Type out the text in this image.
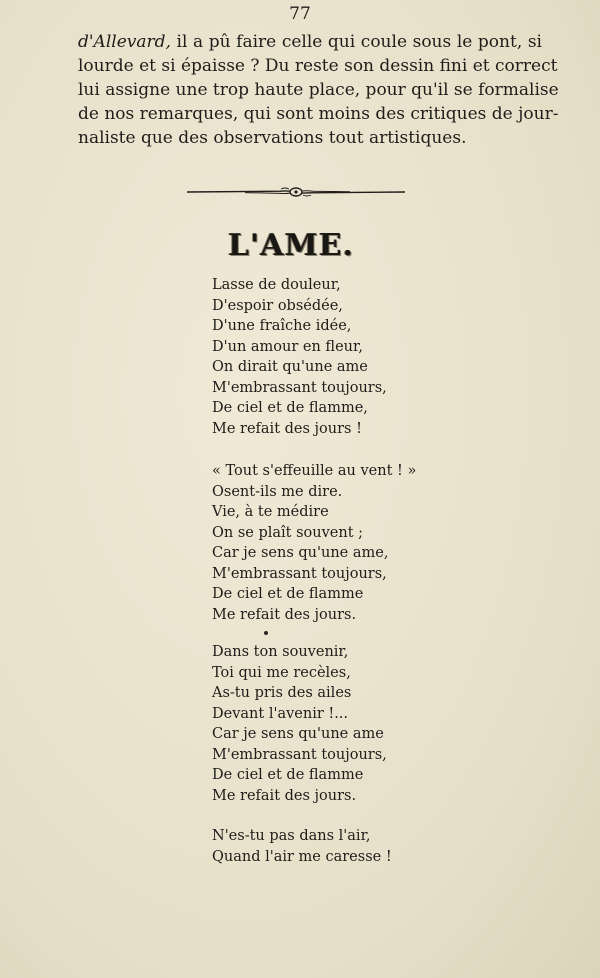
77
d'Allevard, il a pû faire celle qui coule sous le pont, si
lourde et si épaisse ? Du reste son dessin fini et correct
lui assigne une trop haute place, pour qu'il se formalise
de nos remarques, qui sont moins des critiques de jour-
naliste que des observations tout artistiques.
L'AME.
Lasse de douleur,
D'espoir obsédée,
D'une fraîche idée,
D'un amour en fleur,
On dirait qu'une ame
M'embrassant toujours,
De ciel et de flamme,
Me refait des jours !
« Tout s'effeuille au vent ! »
Osent-ils me dire.
Vie, à te médire
On se plaît souvent ;
Car je sens qu'une ame,
M'embrassant toujours,
De ciel et de flamme
Me refait des jours.
Dans ton souvenir,
Toi qui me recèles,
As-tu pris des ailes
Devant l'avenir !...
Car je sens qu'une ame
M'embrassant toujours,
De ciel et de flamme
Me refait des jours.
N'es-tu pas dans l'air,
Quand l'air me caresse !
